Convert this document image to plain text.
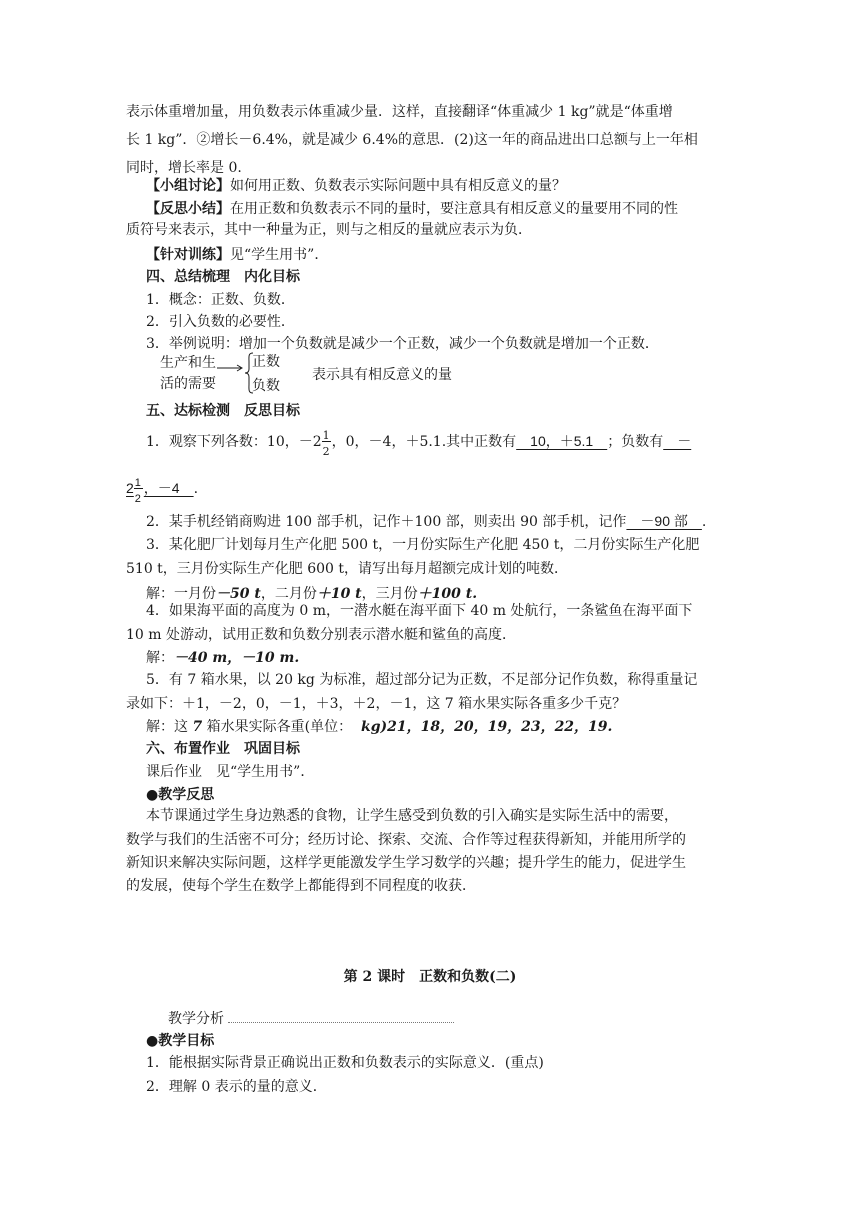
表示体重增加量，用负数表示体重减少量．这样，直接翻译“体重减少 1 kg”就是“体重增
长 1 kg”．②增长－6.4%，就是减少 6.4%的意思．(2)这一年的商品进出口总额与上一年相
同时，增长率是 0.
【小组讨论】如何用正数、负数表示实际问题中具有相反意义的量？
【反思小结】在用正数和负数表示不同的量时，要注意具有相反意义的量要用不同的性
质符号来表示，其中一种量为正，则与之相反的量就应表示为负．
【针对训练】见“学生用书”．
四、总结梳理　内化目标
1．概念：正数、负数．
2．引入负数的必要性．
3．举例说明：增加一个负数就是减少一个正数，减少一个负数就是增加一个正数．
生产和生
活的需要
正数
负数
表示具有相反意义的量
五、达标检测　反思目标
1．观察下列各数：10，$-2 \frac{1}{2}$ ，0，－4，＋5.1.其中正数有　10，＋5.1　；负数有　－
$2 \frac{1}{2}$ ，－4　.
2．某手机经销商购进 100 部手机，记作＋100 部，则卖出 90 部手机，记作　－90 部　.
3．某化肥厂计划每月生产化肥 500 t，一月份实际生产化肥 450 t，二月份实际生产化肥
510 t，三月份实际生产化肥 600 t，请写出每月超额完成计划的吨数．
解：一月份－50 t，二月份＋10 t，三月份＋100 t.
4．如果海平面的高度为 0 m，一潜水艇在海平面下 40 m 处航行，一条鲨鱼在海平面下
10 m 处游动，试用正数和负数分别表示潜水艇和鲨鱼的高度．
解：－40 m，－10 m.
5．有 7 箱水果，以 20 kg 为标准，超过部分记为正数，不足部分记作负数，称得重量记
录如下：＋1，－2，0，－1，＋3，＋2，－1，这 7 箱水果实际各重多少千克？
解：这 7 箱水果实际各重(单位： kg)21，18，20，19，23，22，19.
六、布置作业　巩固目标
课后作业　见“学生用书”．
●教学反思
本节课通过学生身边熟悉的食物，让学生感受到负数的引入确实是实际生活中的需要，
数学与我们的生活密不可分；经历讨论、探索、交流、合作等过程获得新知，并能用所学的
新知识来解决实际问题，这样学更能激发学生学习数学的兴趣；提升学生的能力，促进学生
的发展，使每个学生在数学上都能得到不同程度的收获．
第 2 课时　正数和负数(二)
教学分析
●教学目标
1．能根据实际背景正确说出正数和负数表示的实际意义．(重点)
2．理解 0 表示的量的意义．
